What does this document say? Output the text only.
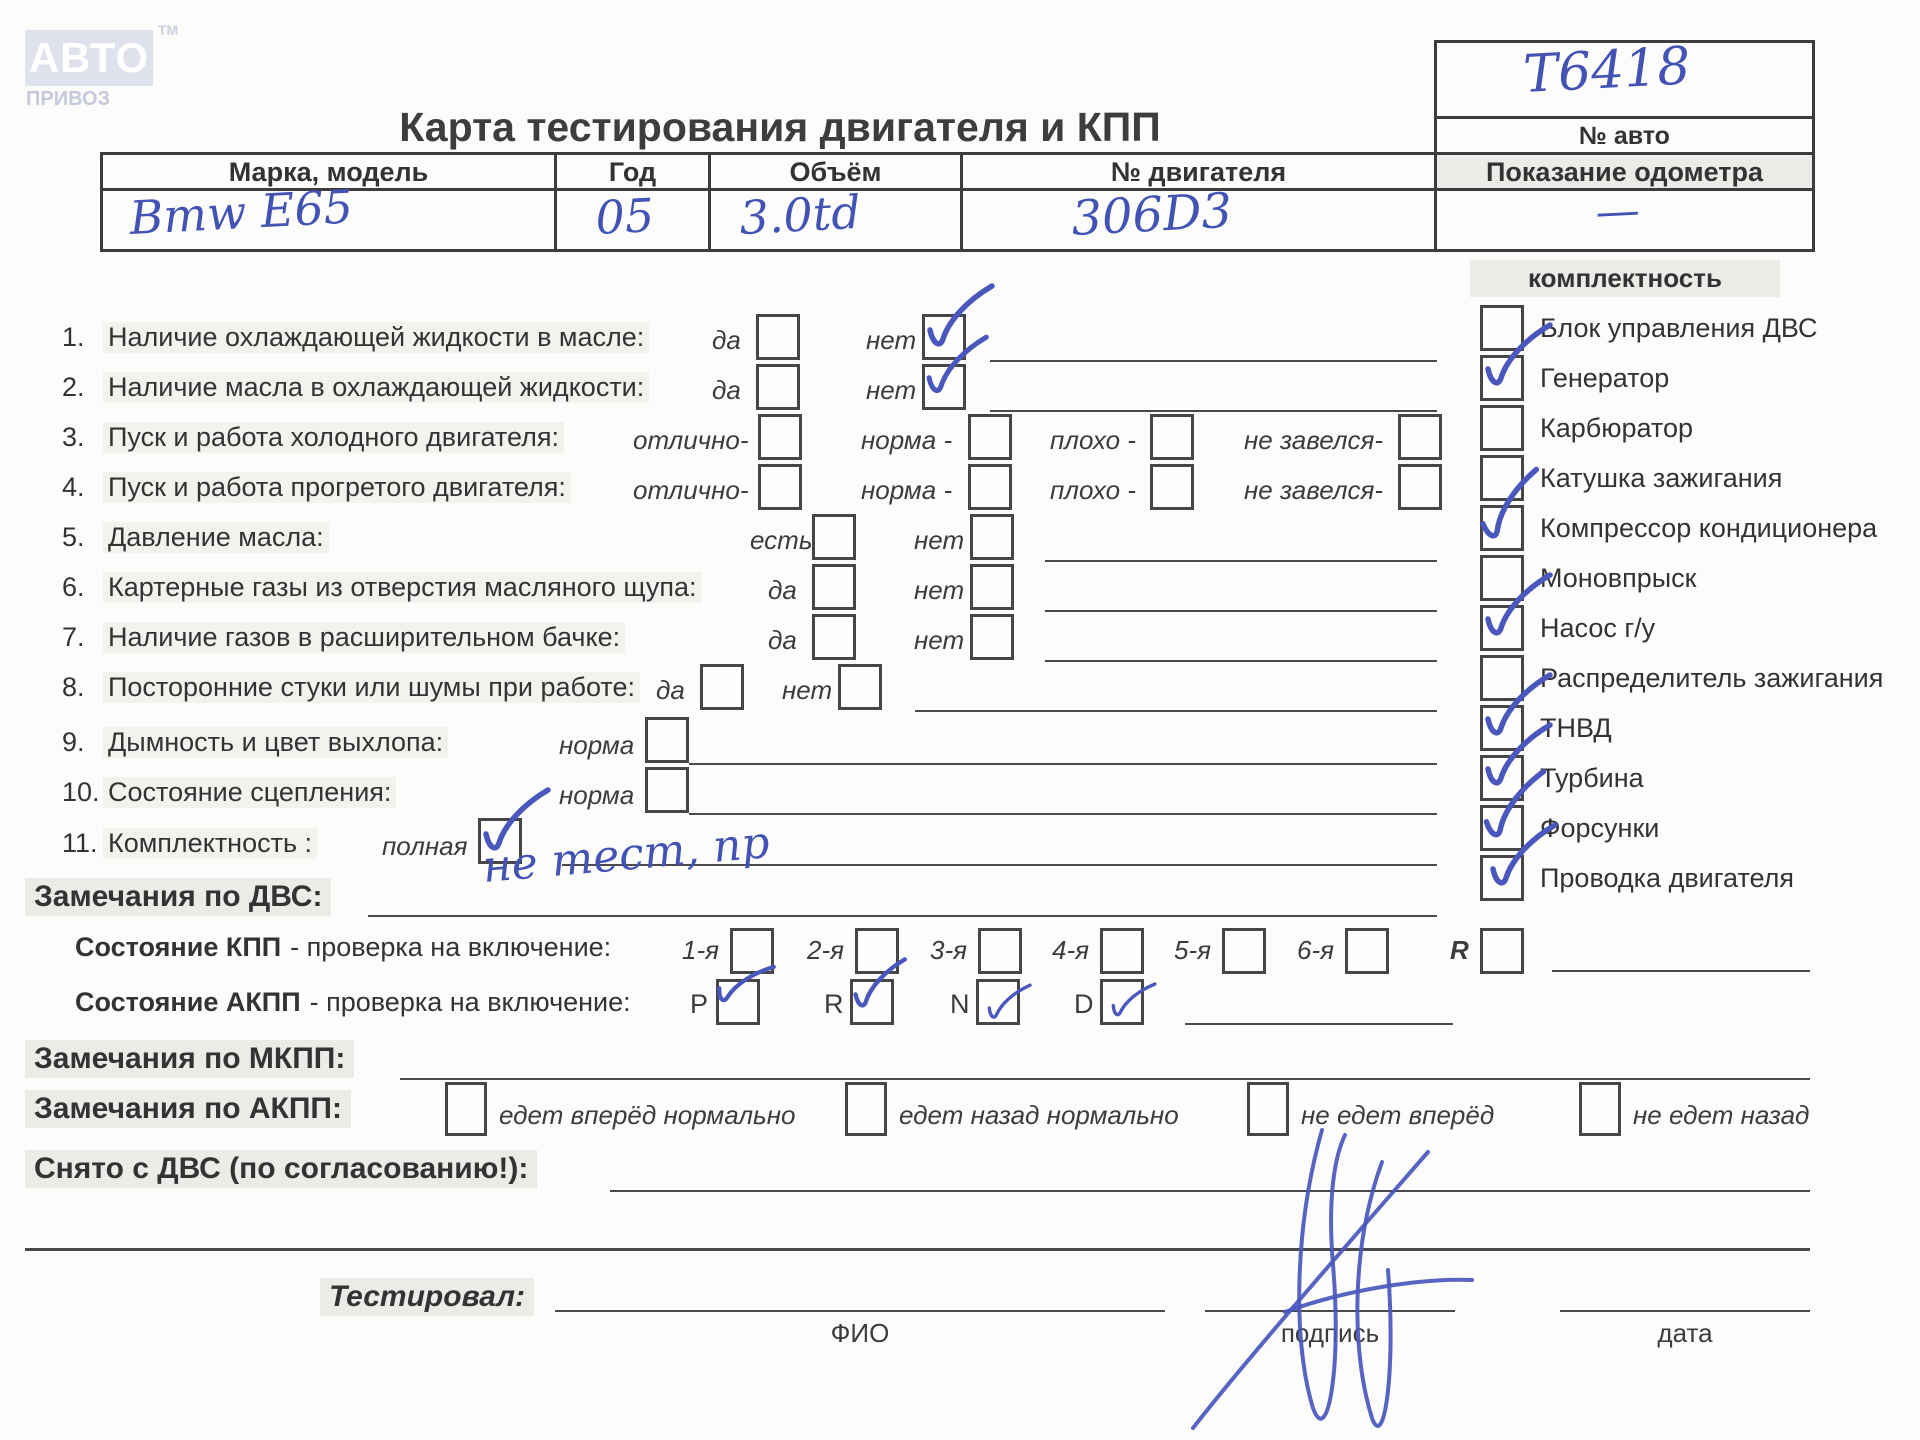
АВТО
ТМ
ПРИВОЗ
Карта тестирования двигателя и КПП
Т6418
№ авто
Марка, модель
Bmw E65
Год
05
Объём
3.0td
№ двигателя
306D3
Показание одометра
—
комплектность
Блок управления ДВС
Генератор
Карбюратор
Катушка зажигания
Компрессор кондиционера
Моновпрыск
Насос г/у
Распределитель зажигания
ТНВД
Турбина
Форсунки
Проводка двигателя
1. Наличие охлаждающей жидкости в масле:	да	нет
2. Наличие масла в охлаждающей жидкости:	да	нет
3. Пуск и работа холодного двигателя:	отлично-	норма -	плохо -	не завелся-
4. Пуск и работа прогретого двигателя:	отлично-	норма -	плохо -	не завелся-
5. Давление масла:	есть	нет
6. Картерные газы из отверстия масляного щупа:	да	нет
7. Наличие газов в расширительном бачке:	да	нет
8. Посторонние стуки или шумы при работе: да	нет
9. Дымность и цвет выхлопа:	норма
10. Состояние сцепления:	норма
11. Комплектность :	полная
Замечания по ДВС:
не тест, пр
Состояние КПП - проверка на включение:	1-я	2-я	3-я	4-я	5-я	6-я	R
Состояние АКПП - проверка на включение: P	R	N	D
Замечания по МКПП:
Замечания по АКПП:	едет вперёд нормально	едет назад нормально	не едет вперёд	не едет назад
Снято с ДВС (по согласованию!):
Тестировал:
ФИО	подпись	дата
